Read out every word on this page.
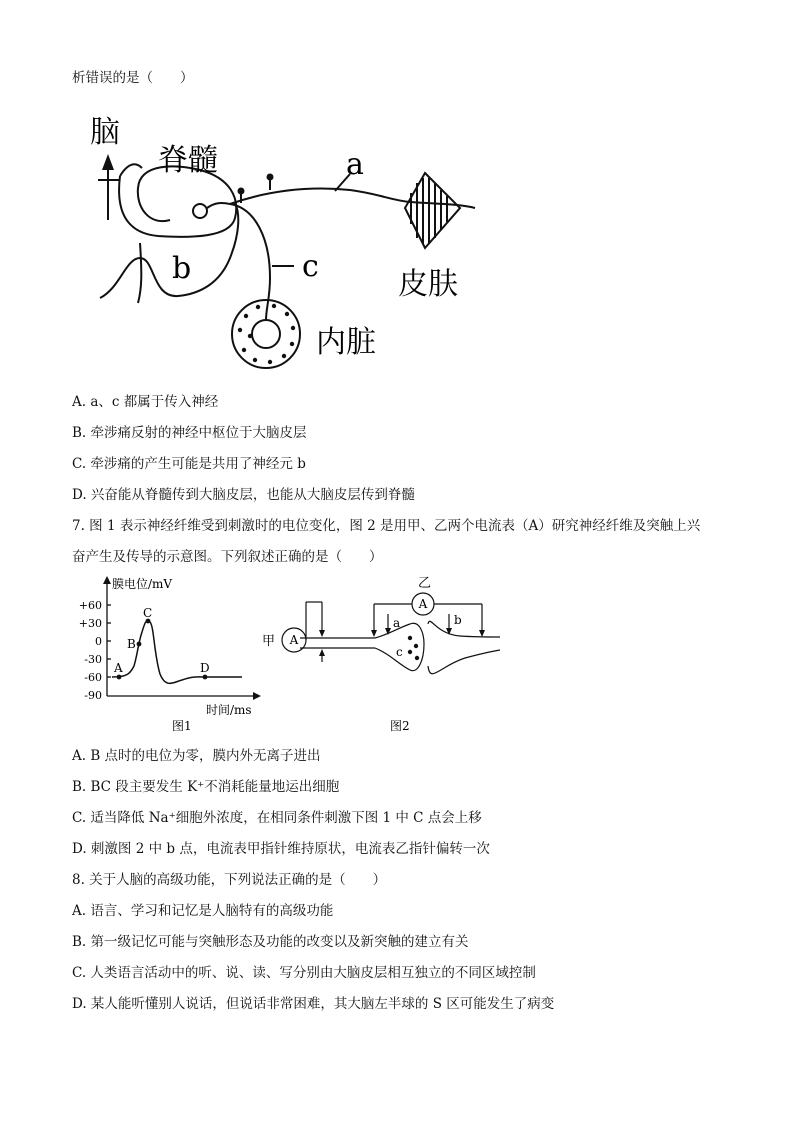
析错误的是（　　）
脑
脊髓	a
b	c
皮肤
内脏
A. a、c 都属于传入神经
B. 牵涉痛反射的神经中枢位于大脑皮层
C. 牵涉痛的产生可能是共用了神经元 b
D. 兴奋能从脊髓传到大脑皮层，也能从大脑皮层传到脊髓
7. 图 1 表示神经纤维受到刺激时的电位变化，图 2 是用甲、乙两个电流表（A）研究神经纤维及突触上兴
奋产生及传导的示意图。下列叙述正确的是（　　）
+60
+30
0
-30
-60
-90
A
B
C
D
膜电位/mV
时间/ms
图1
A
A
甲
乙
a	b
c
图2
A. B 点时的电位为零，膜内外无离子进出
B. BC 段主要发生 K⁺不消耗能量地运出细胞
C. 适当降低 Na⁺细胞外浓度，在相同条件刺激下图 1 中 C 点会上移
D. 刺激图 2 中 b 点，电流表甲指针维持原状，电流表乙指针偏转一次
8. 关于人脑的高级功能，下列说法正确的是（　　）
A. 语言、学习和记忆是人脑特有的高级功能
B. 第一级记忆可能与突触形态及功能的改变以及新突触的建立有关
C. 人类语言活动中的听、说、读、写分别由大脑皮层相互独立的不同区域控制
D. 某人能听懂别人说话，但说话非常困难，其大脑左半球的 S 区可能发生了病变
